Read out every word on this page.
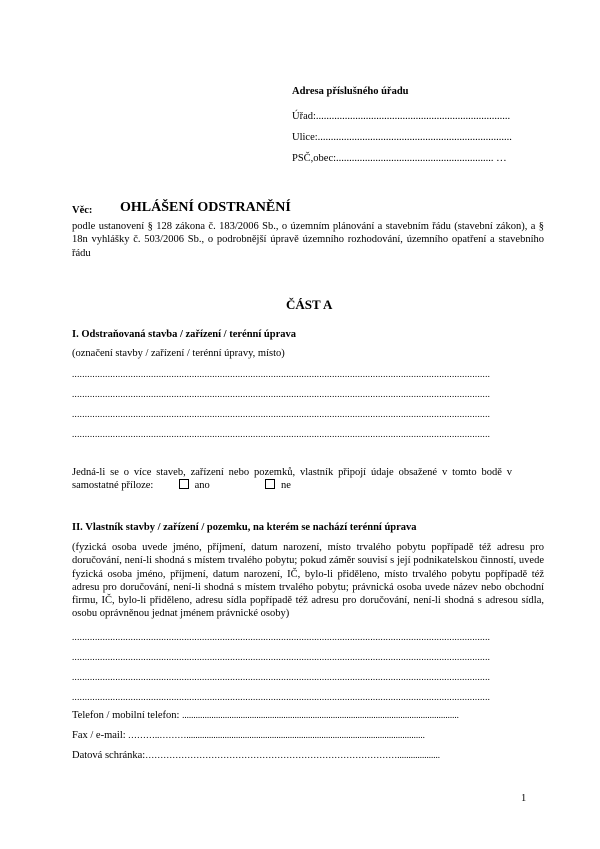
Adresa příslušného úřadu
Úřad:..........................................................................
Ulice:..........................................................................
PSČ,obec:............................................................ …
Věc: OHLÁŠENÍ ODSTRANĚNÍ
podle ustanovení § 128 zákona č. 183/2006 Sb., o územním plánování a stavebním řádu (stavební zákon), a § 18n vyhlášky č. 503/2006 Sb., o podrobnější úpravě územního rozhodování, územního opatření a stavebního řádu
ČÁST A
I. Odstraňovaná stavba / zařízení / terénní úprava
(označení stavby / zařízení / terénní úpravy, místo)
....................................................................................................................................................................
....................................................................................................................................................................
....................................................................................................................................................................
....................................................................................................................................................................
Jedná-li se o více staveb, zařízení nebo pozemků, vlastník připojí údaje obsažené v tomto bodě v samostatné příloze:	ano	ne
II. Vlastník stavby / zařízení / pozemku, na kterém se nachází terénní úprava
(fyzická osoba uvede jméno, příjmení, datum narození, místo trvalého pobytu popřípadě též adresu pro doručování, není-li shodná s místem trvalého pobytu; pokud záměr souvisí s její podnikatelskou činností, uvede fyzická osoba jméno, příjmení, datum narození, IČ, bylo-li přiděleno, místo trvalého pobytu popřípadě též adresu pro doručování, není-li shodná s místem trvalého pobytu; právnická osoba uvede název nebo obchodní firmu, IČ, bylo-li přiděleno, adresu sídla popřípadě též adresu pro doručování, není-li shodná s adresou sídla, osobu oprávněnou jednat jménem právnické osoby)
....................................................................................................................................................................
....................................................................................................................................................................
....................................................................................................................................................................
....................................................................................................................................................................
Telefon / mobilní telefon: ...........................................................................................................................
Fax / e-mail: ………..………..........................................................................................................
Datová schránka:…………………………………………………………………………...................
1
